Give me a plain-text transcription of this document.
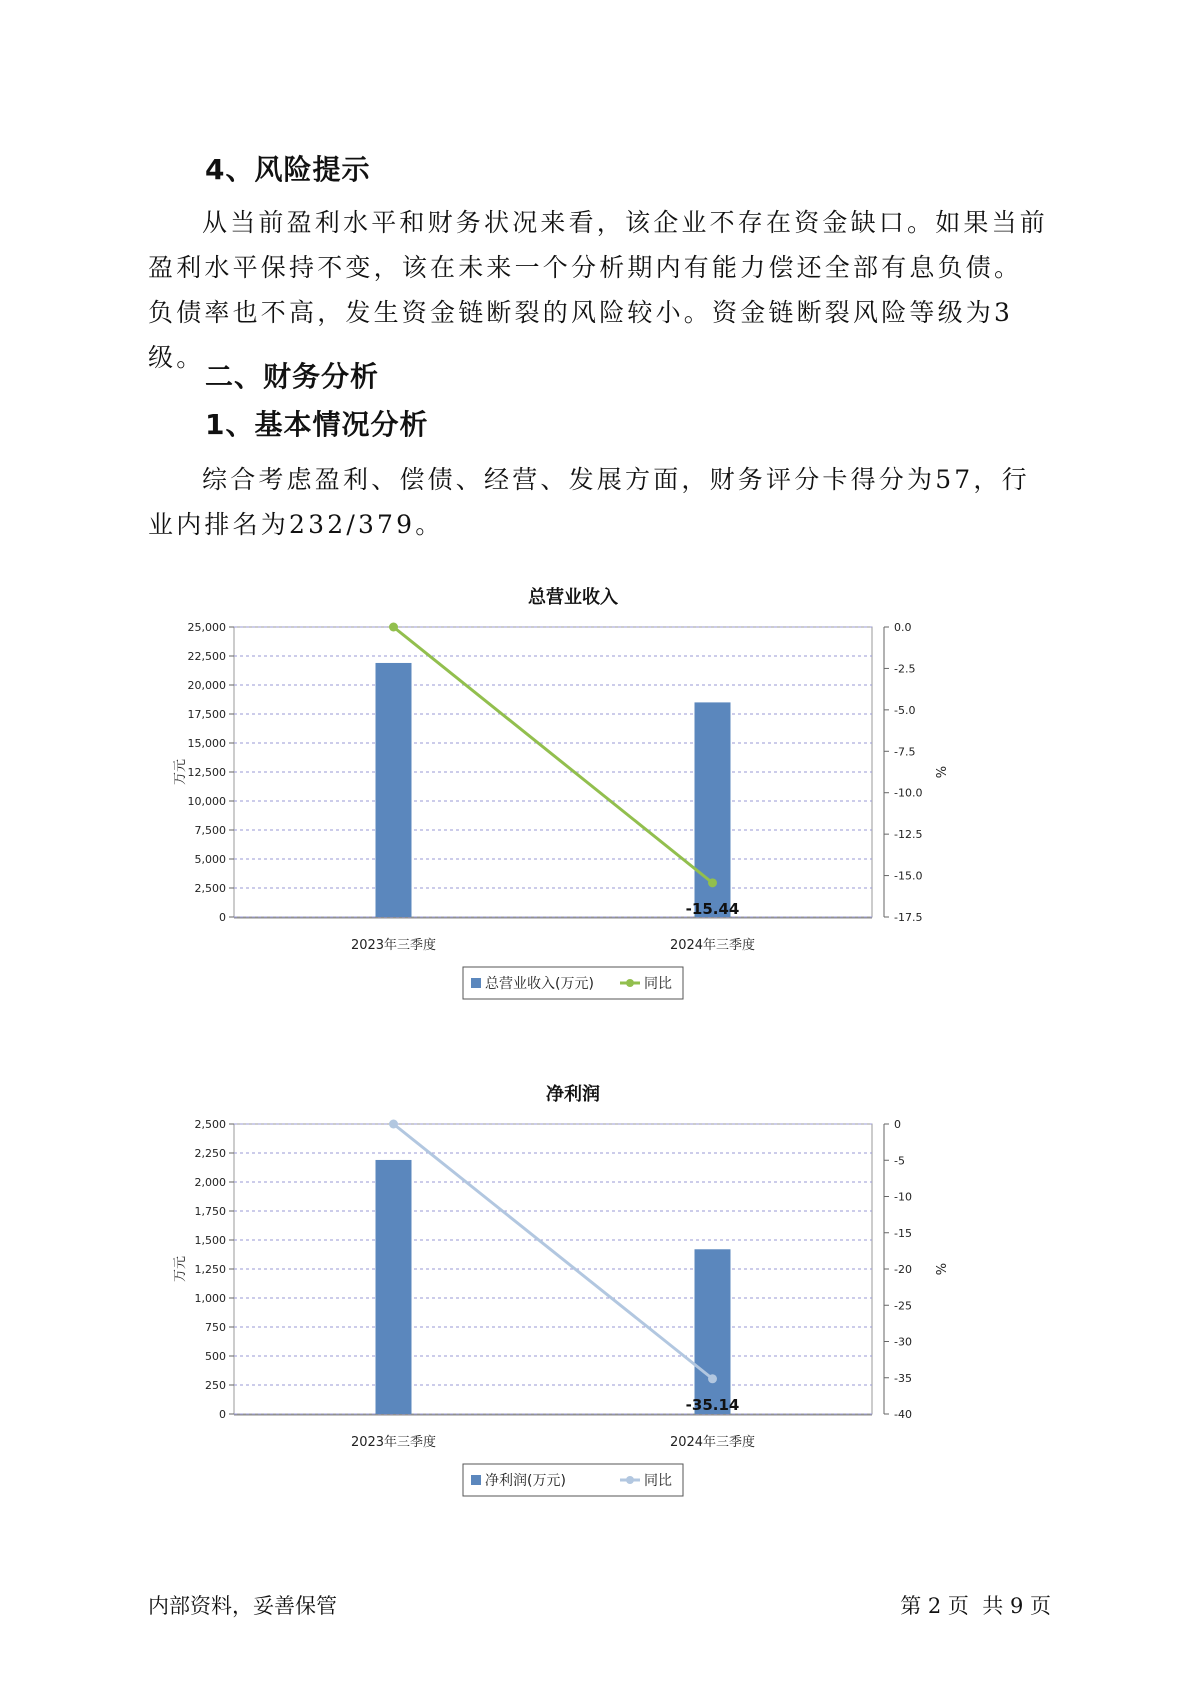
4、风险提示

从当前盈利水平和财务状况来看，该企业不存在资金缺口。如果当前盈利水平保持不变，该在未来一个分析期内有能力偿还全部有息负债。负债率也不高，发生资金链断裂的风险较小。资金链断裂风险等级为3级。

二、财务分析
1、基本情况分析

综合考虑盈利、偿债、经营、发展方面，财务评分卡得分为57，行业内排名为232/379。

总营业收入
0
2,500
5,000
7,500
10,000
12,500
15,000
17,500
20,000
22,500
25,000	0.0
-2.5
-5.0
-7.5
-10.0
-12.5
-15.0
-17.5
万元	%
2023年三季度	2024年三季度
-15.44
总营业收入(万元)	同比
净利润
0
250
500
750
1,000
1,250
1,500
1,750
2,000
2,250
2,500	0
-5
-10
-15
-20
-25
-30
-35
-40
万元	%
2023年三季度	2024年三季度
-35.14
净利润(万元)	同比
内部资料，妥善保管	第 2 页  共 9 页
